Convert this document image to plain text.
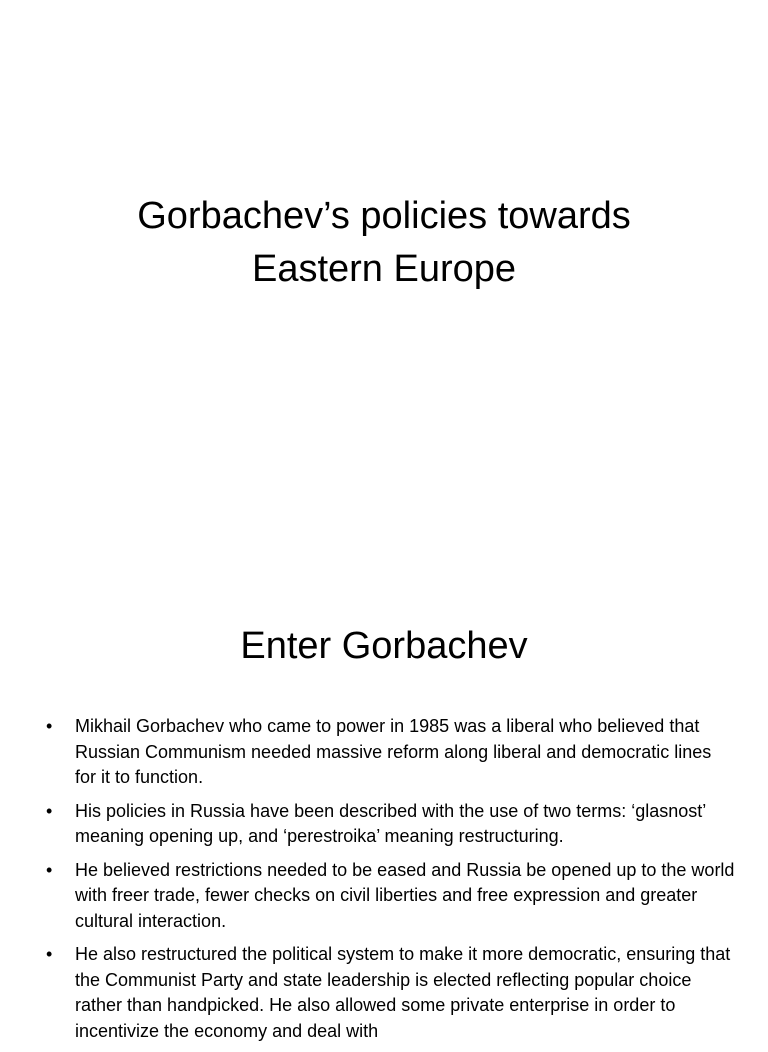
Gorbachev’s policies towards
Eastern Europe
Enter Gorbachev
• Mikhail Gorbachev who came to power in 1985 was a liberal who believed that Russian Communism needed massive reform along liberal and democratic lines for it to function.
• His policies in Russia have been described with the use of two terms: ‘glasnost’ meaning opening up, and ‘perestroika’ meaning restructuring.
• He believed restrictions needed to be eased and Russia be opened up to the world with freer trade, fewer checks on civil liberties and free expression and greater cultural interaction.
• He also restructured the political system to make it more democratic, ensuring that the Communist Party and state leadership is elected reflecting popular choice rather than handpicked. He also allowed some private enterprise in order to incentivize the economy and deal with
